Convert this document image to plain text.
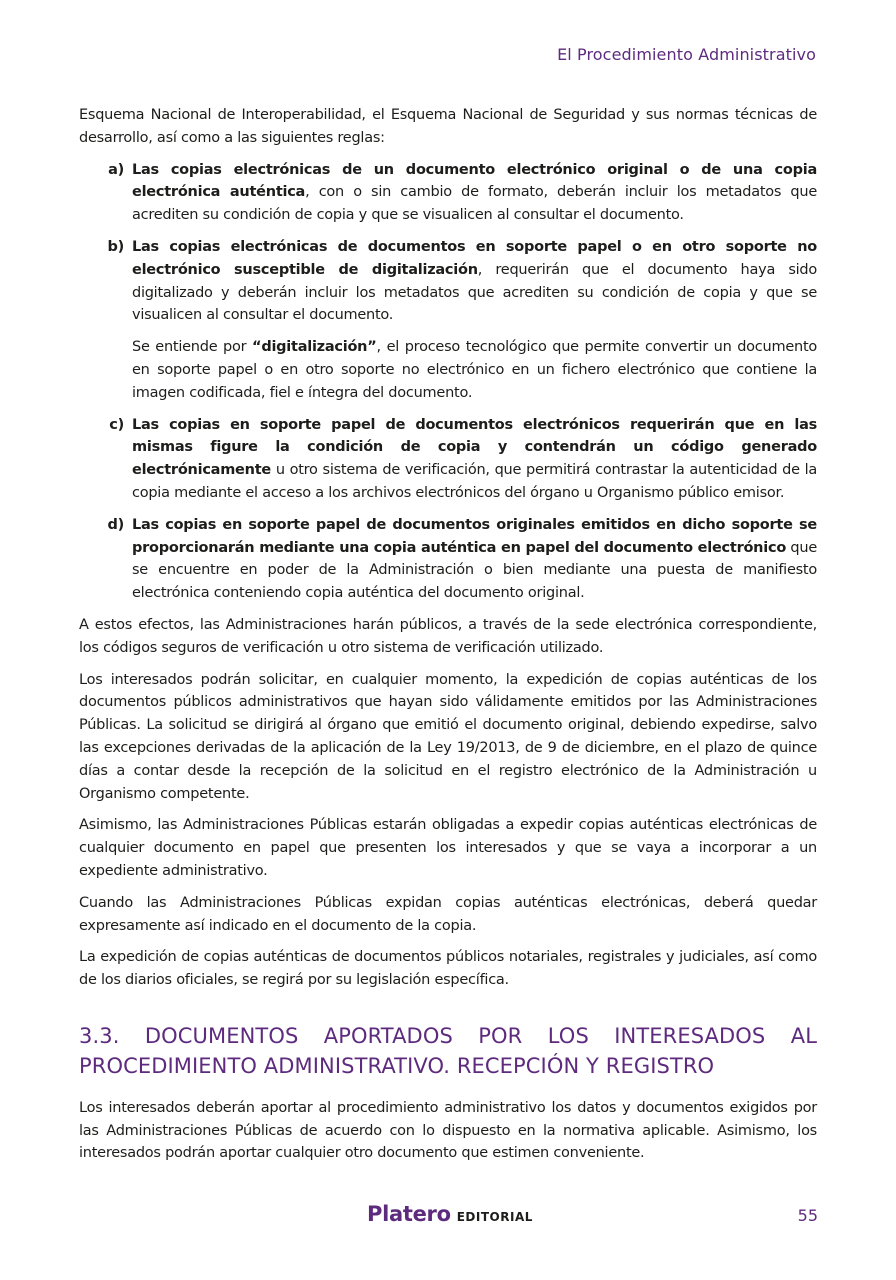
El Procedimiento Administrativo

Esquema Nacional de Interoperabilidad, el Esquema Nacional de Seguridad y sus normas técnicas de desarrollo, así como a las siguientes reglas:

a) Las copias electrónicas de un documento electrónico original o de una copia electrónica auténtica, con o sin cambio de formato, deberán incluir los metadatos que acrediten su condición de copia y que se visualicen al consultar el documento.

b) Las copias electrónicas de documentos en soporte papel o en otro soporte no electrónico susceptible de digitalización, requerirán que el documento haya sido digitalizado y deberán incluir los metadatos que acrediten su condición de copia y que se visualicen al consultar el documento.

Se entiende por “digitalización”, el proceso tecnológico que permite convertir un documento en soporte papel o en otro soporte no electrónico en un fichero electrónico que contiene la imagen codificada, fiel e íntegra del documento.

c) Las copias en soporte papel de documentos electrónicos requerirán que en las mismas figure la condición de copia y contendrán un código generado electrónicamente u otro sistema de verificación, que permitirá contrastar la autenticidad de la copia mediante el acceso a los archivos electrónicos del órgano u Organismo público emisor.

d) Las copias en soporte papel de documentos originales emitidos en dicho soporte se proporcionarán mediante una copia auténtica en papel del documento electrónico que se encuentre en poder de la Administración o bien mediante una puesta de manifiesto electrónica conteniendo copia auténtica del documento original.

A estos efectos, las Administraciones harán públicos, a través de la sede electrónica correspondiente, los códigos seguros de verificación u otro sistema de verificación utilizado.

Los interesados podrán solicitar, en cualquier momento, la expedición de copias auténticas de los documentos públicos administrativos que hayan sido válidamente emitidos por las Administraciones Públicas. La solicitud se dirigirá al órgano que emitió el documento original, debiendo expedirse, salvo las excepciones derivadas de la aplicación de la Ley 19/2013, de 9 de diciembre, en el plazo de quince días a contar desde la recepción de la solicitud en el registro electrónico de la Administración u Organismo competente.

Asimismo, las Administraciones Públicas estarán obligadas a expedir copias auténticas electrónicas de cualquier documento en papel que presenten los interesados y que se vaya a incorporar a un expediente administrativo.

Cuando las Administraciones Públicas expidan copias auténticas electrónicas, deberá quedar expresamente así indicado en el documento de la copia.

La expedición de copias auténticas de documentos públicos notariales, registrales y judiciales, así como de los diarios oficiales, se regirá por su legislación específica.

3.3. DOCUMENTOS APORTADOS POR LOS INTERESADOS AL PROCEDIMIENTO ADMINISTRATIVO. RECEPCIÓN Y REGISTRO

Los interesados deberán aportar al procedimiento administrativo los datos y documentos exigidos por las Administraciones Públicas de acuerdo con lo dispuesto en la normativa aplicable. Asimismo, los interesados podrán aportar cualquier otro documento que estimen conveniente.

Platero EDITORIAL	55
